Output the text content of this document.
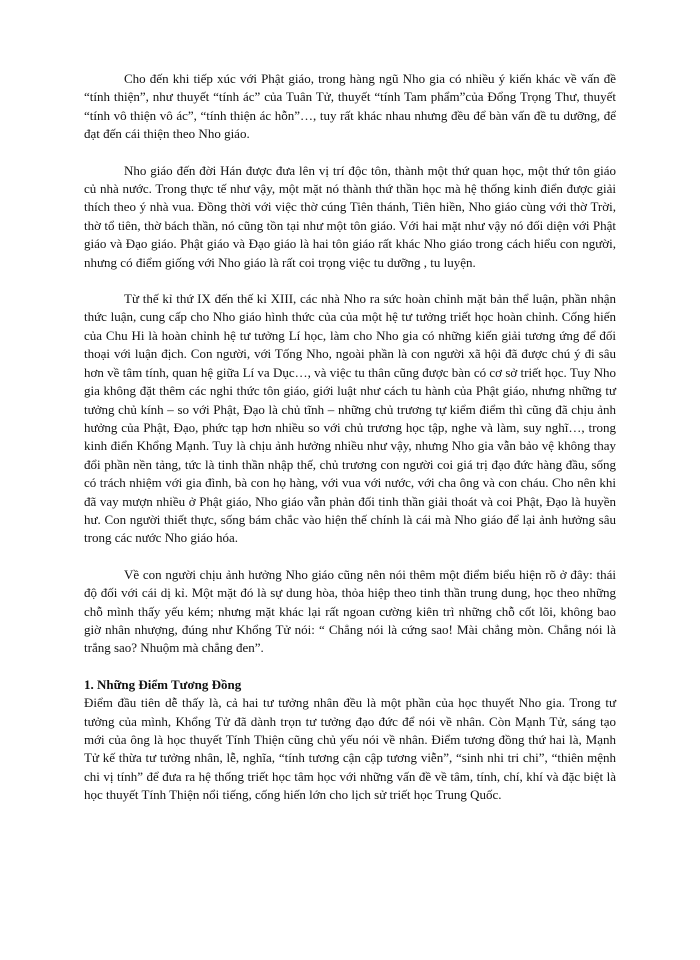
Cho đến khi tiếp xúc với Phật giáo, trong hàng ngũ Nho gia có nhiều ý kiến khác về vấn đề “tính thiện”, như thuyết “tính ác” của Tuân Tử, thuyết “tính Tam phẩm”của Đổng Trọng Thư, thuyết “tính vô thiện vô ác”, “tính thiện ác hỗn”…, tuy rất khác nhau nhưng đều để bàn vấn đề tu dưỡng, để đạt đến cái thiện theo Nho giáo.

Nho giáo đến đời Hán được đưa lên vị trí độc tôn, thành một thứ quan học, một thứ tôn giáo củ nhà nước. Trong thực tế như vậy, một mặt nó thành thứ thần học mà hệ thống kinh điển được giải thích theo ý nhà vua. Đồng thời với việc thờ cúng Tiên thánh, Tiên hiền, Nho giáo cùng với thờ Trời, thờ tổ tiên, thờ bách thần, nó cũng tồn tại như một tôn giáo. Với hai mặt như vậy nó đối diện với Phật giáo và Đạo giáo. Phật giáo và Đạo giáo là hai tôn giáo rất khác Nho giáo trong cách hiểu con người, nhưng có điểm giống với Nho giáo là rất coi trọng việc tu dưỡng , tu luyện.

Từ thế kỉ thứ IX đến thế kỉ XIII, các nhà Nho ra sức hoàn chỉnh mặt bản thể luận, phần nhận thức luận, cung cấp cho Nho giáo hình thức của của một hệ tư tưởng triết học hoàn chỉnh. Cống hiến của Chu Hi là hoàn chỉnh hệ tư tưởng Lí học, làm cho Nho gia có những kiến giải tương ứng để đối thoại với luận địch. Con người, với Tống Nho, ngoài phần là con người xã hội đã được chú ý đi sâu hơn về tâm tính, quan hệ giữa Lí va Dục…, và việc tu thân cũng được bàn có cơ sở triết học. Tuy Nho gia không đặt thêm các nghi thức tôn giáo, giới luật như cách tu hành của Phật giáo, nhưng những tư tưởng chủ kính – so với Phật, Đạo là chủ tĩnh – những chủ trương tự kiểm điểm thì cũng đã chịu ảnh hưởng của Phật, Đạo, phức tạp hơn nhiều so với chủ trương học tập, nghe và làm, suy nghĩ…, trong kinh điển Khổng Mạnh. Tuy là chịu ảnh hưởng nhiều như vậy, nhưng Nho gia vẫn bảo vệ không thay đổi phần nền tảng, tức là tinh thần nhập thế, chủ trương con người coi giá trị đạo đức hàng đầu, sống có trách nhiệm với gia đình, bà con họ hàng, với vua với nước, với cha ông và con cháu. Cho nên khi đã vay mượn nhiều ở Phật giáo, Nho giáo vẫn phản đối tinh thần giải thoát và coi Phật, Đạo là huyền hư. Con người thiết thực, sống bám chắc vào hiện thế chính là cái mà Nho giáo để lại ảnh hưởng sâu trong các nước Nho giáo hóa.

Về con người chịu ảnh hưởng Nho giáo cũng nên nói thêm một điểm biểu hiện rõ ở đây: thái độ đối với cái dị kỉ. Một mặt đó là sự dung hòa, thỏa hiệp theo tinh thần trung dung, học theo những chỗ mình thấy yếu kém; nhưng mặt khác lại rất ngoan cường kiên trì những chỗ cốt lõi, không bao giờ nhân nhượng, đúng như Khổng Tử nói: “ Chẳng nói là cứng sao! Mài chẳng mòn. Chẳng nói là trắng sao? Nhuộm mà chẳng đen”.

1. Những Điểm Tương Đồng

Điểm đầu tiên dễ thấy là, cả hai tư tưởng nhân đều là một phần của học thuyết Nho gia. Trong tư tưởng của mình, Khổng Tử đã dành trọn tư tưởng đạo đức để nói về nhân. Còn Mạnh Tử, sáng tạo mới của ông là học thuyết Tính Thiện cũng chủ yếu nói về nhân. Điểm tương đồng thứ hai là, Mạnh Tử kế thừa tư tưởng nhân, lễ, nghĩa, “tính tương cận cập tương viễn”, “sinh nhi tri chi”, “thiên mệnh chi vị tính” để đưa ra hệ thống triết học tâm học với những vấn đề về tâm, tính, chí, khí và đặc biệt là học thuyết Tính Thiện nổi tiếng, cống hiến lớn cho lịch sử triết học Trung Quốc.
